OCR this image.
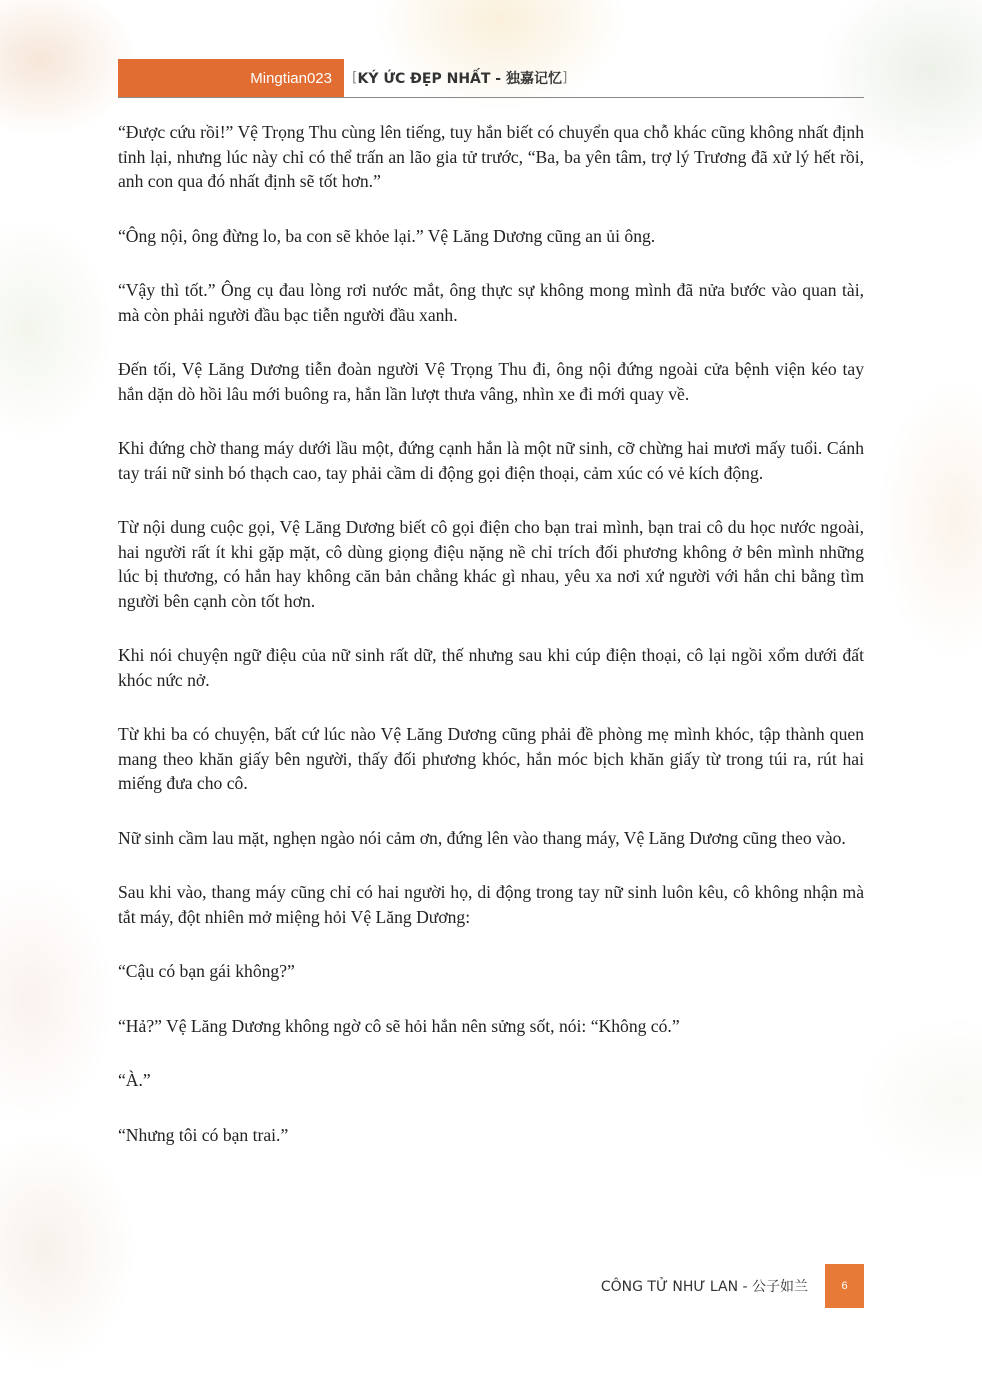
Mingtian023 [ KÝ ỨC ĐẸP NHẤT - 独嘉记忆 ]

“Được cứu rồi!” Vệ Trọng Thu cùng lên tiếng, tuy hắn biết có chuyển qua chỗ khác cũng không nhất định tỉnh lại, nhưng lúc này chỉ có thể trấn an lão gia tử trước, “Ba, ba yên tâm, trợ lý Trương đã xử lý hết rồi, anh con qua đó nhất định sẽ tốt hơn.”

“Ông nội, ông đừng lo, ba con sẽ khỏe lại.” Vệ Lăng Dương cũng an ủi ông.

“Vậy thì tốt.” Ông cụ đau lòng rơi nước mắt, ông thực sự không mong mình đã nửa bước vào quan tài, mà còn phải người đầu bạc tiễn người đầu xanh.

Đến tối, Vệ Lăng Dương tiễn đoàn người Vệ Trọng Thu đi, ông nội đứng ngoài cửa bệnh viện kéo tay hắn dặn dò hồi lâu mới buông ra, hắn lần lượt thưa vâng, nhìn xe đi mới quay về.

Khi đứng chờ thang máy dưới lầu một, đứng cạnh hắn là một nữ sinh, cỡ chừng hai mươi mấy tuổi. Cánh tay trái nữ sinh bó thạch cao, tay phải cầm di động gọi điện thoại, cảm xúc có vẻ kích động.

Từ nội dung cuộc gọi, Vệ Lăng Dương biết cô gọi điện cho bạn trai mình, bạn trai cô du học nước ngoài, hai người rất ít khi gặp mặt, cô dùng giọng điệu nặng nề chỉ trích đối phương không ở bên mình những lúc bị thương, có hắn hay không căn bản chẳng khác gì nhau, yêu xa nơi xứ người với hắn chi bằng tìm người bên cạnh còn tốt hơn.

Khi nói chuyện ngữ điệu của nữ sinh rất dữ, thế nhưng sau khi cúp điện thoại, cô lại ngồi xổm dưới đất khóc nức nở.

Từ khi ba có chuyện, bất cứ lúc nào Vệ Lăng Dương cũng phải đề phòng mẹ mình khóc, tập thành quen mang theo khăn giấy bên người, thấy đối phương khóc, hắn móc bịch khăn giấy từ trong túi ra, rút hai miếng đưa cho cô.

Nữ sinh cầm lau mặt, nghẹn ngào nói cảm ơn, đứng lên vào thang máy, Vệ Lăng Dương cũng theo vào.

Sau khi vào, thang máy cũng chỉ có hai người họ, di động trong tay nữ sinh luôn kêu, cô không nhận mà tắt máy, đột nhiên mở miệng hỏi Vệ Lăng Dương:

“Cậu có bạn gái không?”

“Hả?” Vệ Lăng Dương không ngờ cô sẽ hỏi hắn nên sửng sốt, nói: “Không có.”

“À.”

“Nhưng tôi có bạn trai.”

CÔNG TỬ NHƯ LAN - 公子如兰	6
